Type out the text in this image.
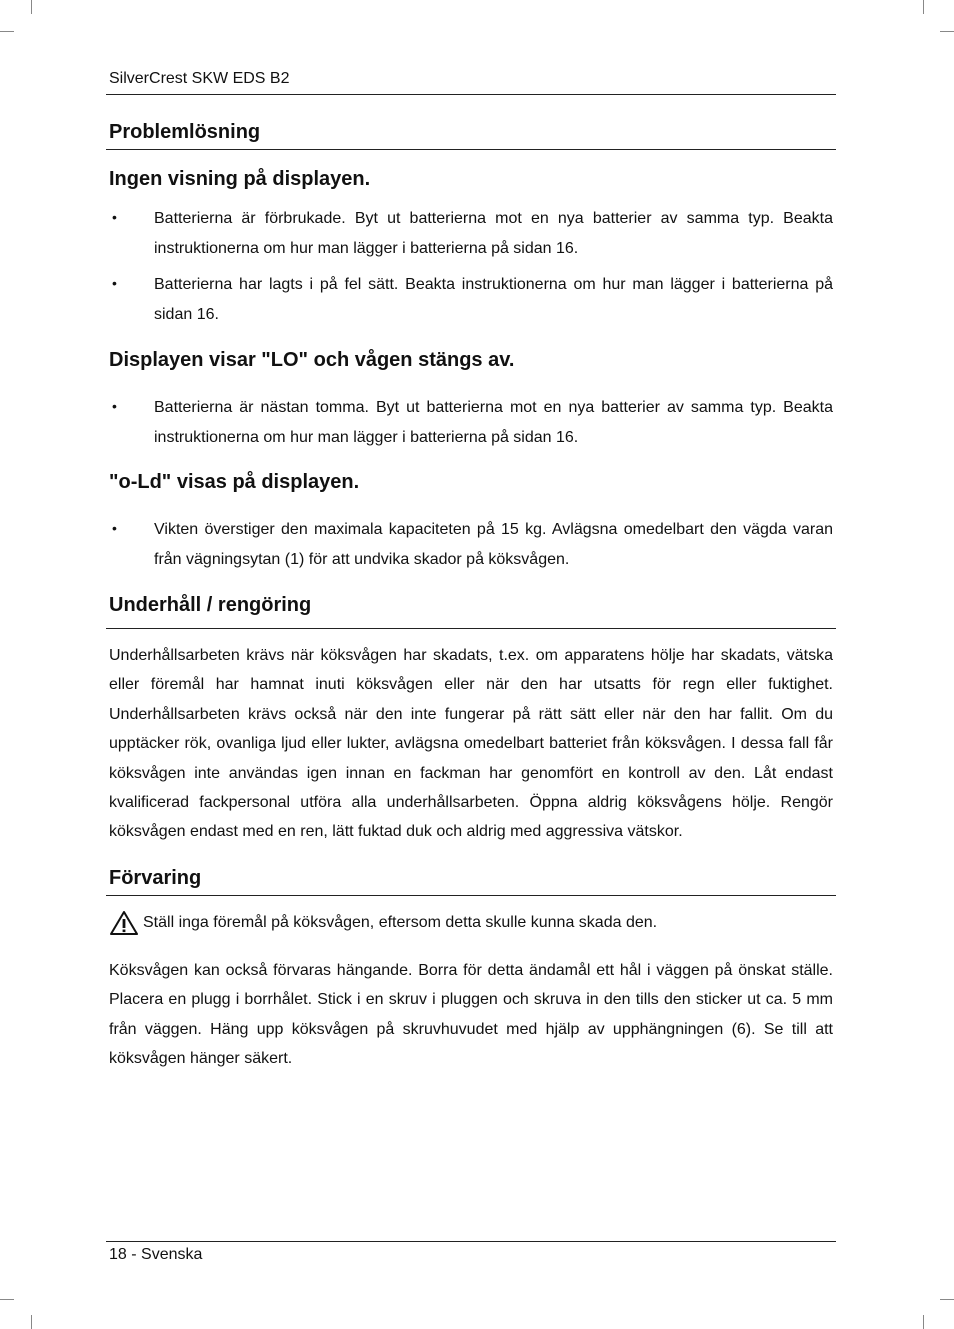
SilverCrest SKW EDS B2
Problemlösning
Ingen visning på displayen.
• Batterierna är förbrukade. Byt ut batterierna mot en nya batterier av samma typ. Beakta instruktionerna om hur man lägger i batterierna på sidan 16.
• Batterierna har lagts i på fel sätt. Beakta instruktionerna om hur man lägger i batterierna på sidan 16.
Displayen visar "LO" och vågen stängs av.
• Batterierna är nästan tomma. Byt ut batterierna mot en nya batterier av samma typ. Beakta instruktionerna om hur man lägger i batterierna på sidan 16.
"o-Ld" visas på displayen.
• Vikten överstiger den maximala kapaciteten på 15 kg. Avlägsna omedelbart den vägda varan från vägningsytan (1) för att undvika skador på köksvågen.
Underhåll / rengöring
Underhållsarbeten krävs när köksvågen har skadats, t.ex. om apparatens hölje har skadats, vätska eller föremål har hamnat inuti köksvågen eller när den har utsatts för regn eller fuktighet. Underhållsarbeten krävs också när den inte fungerar på rätt sätt eller när den har fallit. Om du upptäcker rök, ovanliga ljud eller lukter, avlägsna omedelbart batteriet från köksvågen. I dessa fall får köksvågen inte användas igen innan en fackman har genomfört en kontroll av den. Låt endast kvalificerad fackpersonal utföra alla underhållsarbeten. Öppna aldrig köksvågens hölje. Rengör köksvågen endast med en ren, lätt fuktad duk och aldrig med aggressiva vätskor.
Förvaring
Ställ inga föremål på köksvågen, eftersom detta skulle kunna skada den.
Köksvågen kan också förvaras hängande. Borra för detta ändamål ett hål i väggen på önskat ställe. Placera en plugg i borrhålet. Stick i en skruv i pluggen och skruva in den tills den sticker ut ca. 5 mm från väggen. Häng upp köksvågen på skruvhuvudet med hjälp av upphängningen (6). Se till att köksvågen hänger säkert.
18 - Svenska
